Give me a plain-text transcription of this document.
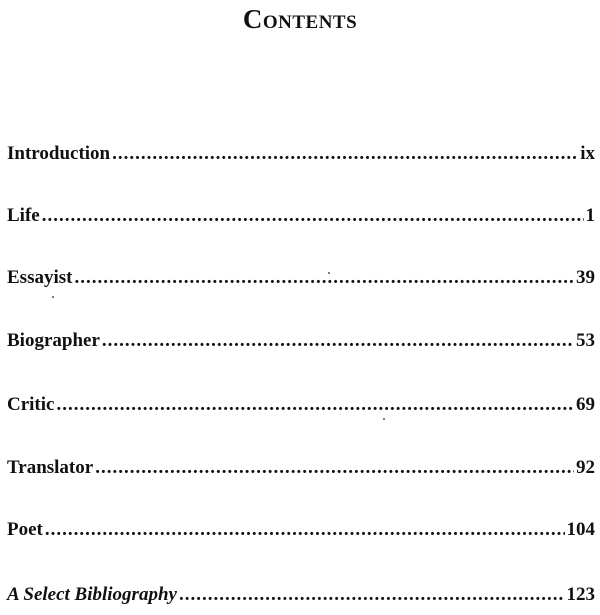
Contents
Introduction .....	ix
Life .....	1
Essayist .....	39
Biographer .....	53
Critic .....	69
Translator .....	92
Poet .....	104
A Select Bibliography .....	123
